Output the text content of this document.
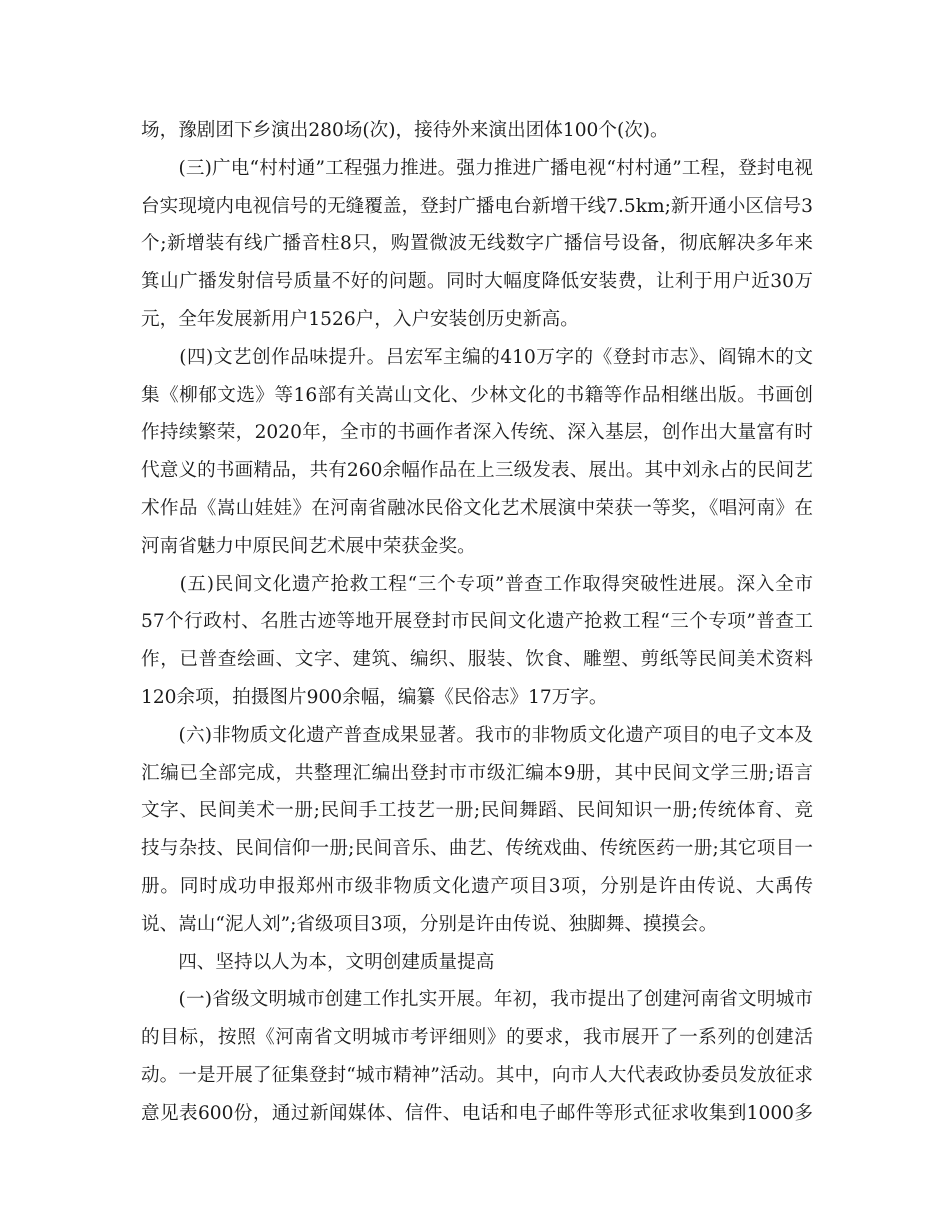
场，豫剧团下乡演出280场(次)，接待外来演出团体100个(次)。
　　(三)广电“村村通”工程强力推进。强力推进广播电视“村村通”工程，登封电视
台实现境内电视信号的无缝覆盖，登封广播电台新增干线7.5km;新开通小区信号3
个;新增装有线广播音柱8只，购置微波无线数字广播信号设备，彻底解决多年来
箕山广播发射信号质量不好的问题。同时大幅度降低安装费，让利于用户近30万
元，全年发展新用户1526户，入户安装创历史新高。
　　(四)文艺创作品味提升。吕宏军主编的410万字的《登封市志》、阎锦木的文
集《柳郁文选》等16部有关嵩山文化、少林文化的书籍等作品相继出版。书画创
作持续繁荣，2020年，全市的书画作者深入传统、深入基层，创作出大量富有时
代意义的书画精品，共有260余幅作品在上三级发表、展出。其中刘永占的民间艺
术作品《嵩山娃娃》在河南省融冰民俗文化艺术展演中荣获一等奖，《唱河南》在
河南省魅力中原民间艺术展中荣获金奖。
　　(五)民间文化遗产抢救工程“三个专项”普查工作取得突破性进展。深入全市
57个行政村、名胜古迹等地开展登封市民间文化遗产抢救工程“三个专项”普查工
作，已普查绘画、文字、建筑、编织、服装、饮食、雕塑、剪纸等民间美术资料
120余项，拍摄图片900余幅，编纂《民俗志》17万字。
　　(六)非物质文化遗产普查成果显著。我市的非物质文化遗产项目的电子文本及
汇编已全部完成，共整理汇编出登封市市级汇编本9册，其中民间文学三册;语言
文字、民间美术一册;民间手工技艺一册;民间舞蹈、民间知识一册;传统体育、竞
技与杂技、民间信仰一册;民间音乐、曲艺、传统戏曲、传统医药一册;其它项目一
册。同时成功申报郑州市级非物质文化遗产项目3项，分别是许由传说、大禹传
说、嵩山“泥人刘”;省级项目3项，分别是许由传说、独脚舞、摸摸会。
　　四、坚持以人为本，文明创建质量提高
　　(一)省级文明城市创建工作扎实开展。年初，我市提出了创建河南省文明城市
的目标，按照《河南省文明城市考评细则》的要求，我市展开了一系列的创建活
动。一是开展了征集登封“城市精神”活动。其中，向市人大代表政协委员发放征求
意见表600份，通过新闻媒体、信件、电话和电子邮件等形式征求收集到1000多
